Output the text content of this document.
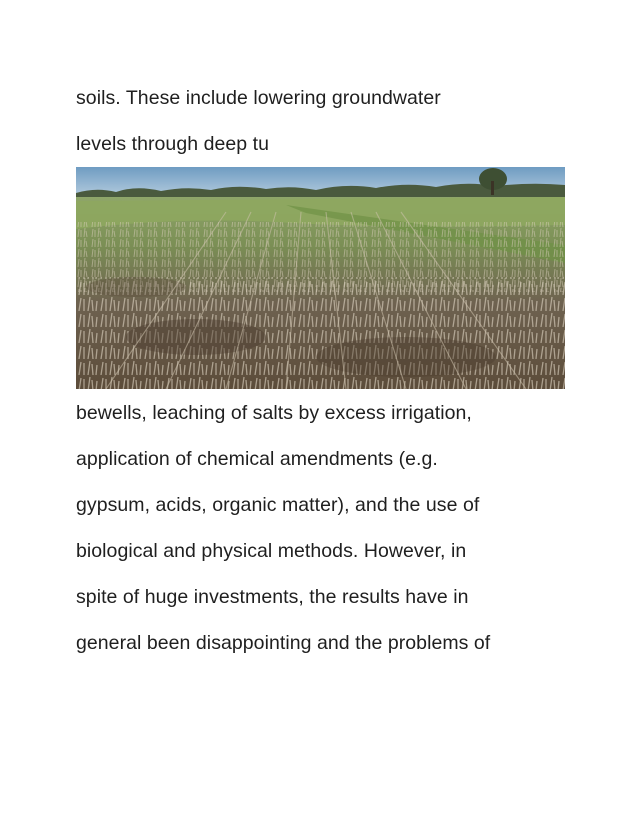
soils. These include lowering groundwater
levels through deep tu
bewells, leaching of salts by excess irrigation,
application of chemical amendments (e.g.
gypsum, acids, organic matter), and the use of
biological and physical methods. However, in
spite of huge investments, the results have in
general been disappointing and the problems of
